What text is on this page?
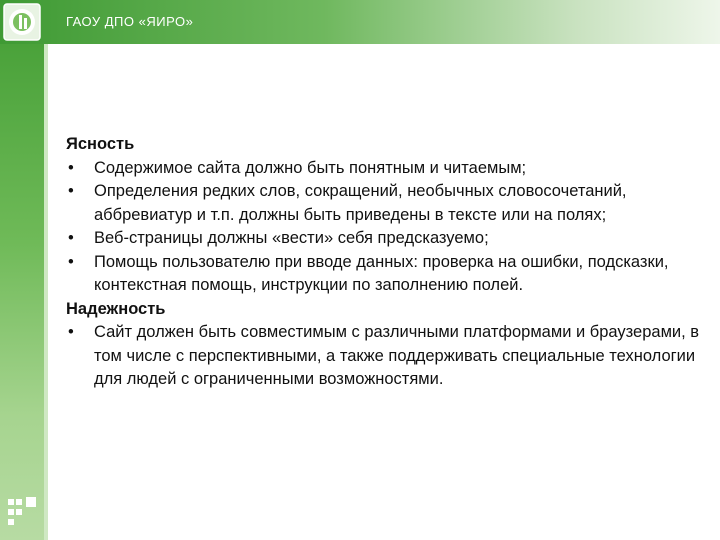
ГАОУ ДПО «ЯИРО»
Ясность
• Содержимое сайта должно быть понятным и читаемым;
• Определения редких слов, сокращений, необычных словосочетаний, аббревиатур и т.п. должны быть приведены в тексте или на полях;
• Веб-страницы должны «вести» себя предсказуемо;
• Помощь пользователю при вводе данных: проверка на ошибки, подсказки, контекстная помощь, инструкции по заполнению полей.
Надежность
• Сайт должен быть совместимым с различными платформами и браузерами, в том числе с перспективными, а также поддерживать специальные технологии для людей с ограниченными возможностями.
